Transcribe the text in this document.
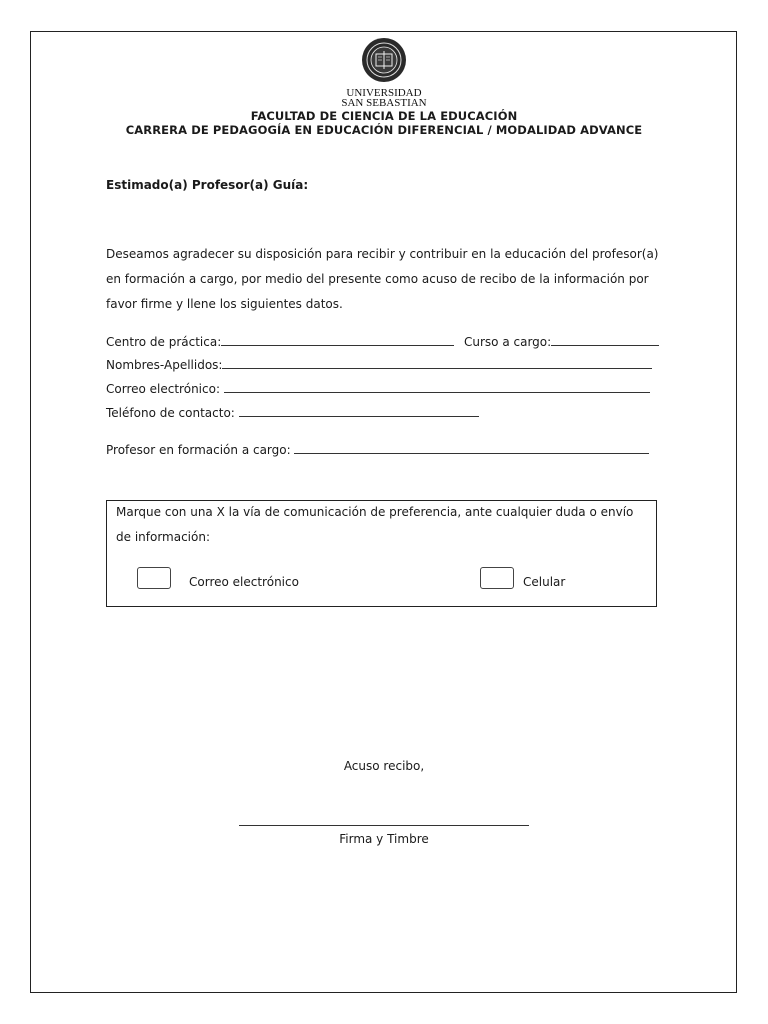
UNIVERSIDAD
SAN SEBASTIAN
FACULTAD DE CIENCIA DE LA EDUCACIÓN
CARRERA DE PEDAGOGÍA EN EDUCACIÓN DIFERENCIAL / MODALIDAD ADVANCE
Estimado(a) Profesor(a) Guía:
Deseamos agradecer su disposición para recibir y contribuir en la educación del profesor(a)
en formación a cargo, por medio del presente como acuso de recibo de la información por
favor firme y llene los siguientes datos.
Centro de práctica:	Curso a cargo:
Nombres-Apellidos:
Correo electrónico:
Teléfono de contacto:
Profesor en formación a cargo:
Marque con una X la vía de comunicación de preferencia, ante cualquier duda o envío
de información:
Correo electrónico	Celular
Acuso recibo,
Firma y Timbre
